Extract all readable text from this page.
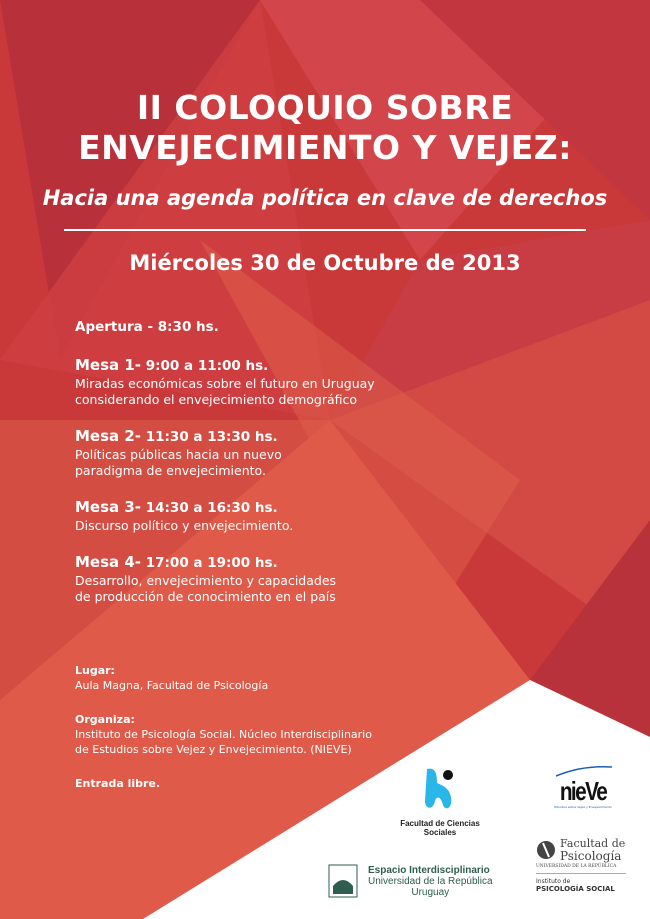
II COLOQUIO SOBRE
ENVEJECIMIENTO Y VEJEZ:
Hacia una agenda política en clave de derechos
Miércoles 30 de Octubre de 2013
Apertura - 8:30 hs.
Mesa 1- 9:00 a 11:00 hs.
Miradas económicas sobre el futuro en Uruguay
considerando el envejecimiento demográfico
Mesa 2- 11:30 a 13:30 hs.
Políticas públicas hacia un nuevo
paradigma de envejecimiento.
Mesa 3- 14:30 a 16:30 hs.
Discurso político y envejecimiento.
Mesa 4- 17:00 a 19:00 hs.
Desarrollo, envejecimiento y capacidades
de producción de conocimiento en el país
Lugar:
Aula Magna, Facultad de Psicología
Organiza:
Instituto de Psicología Social. Núcleo Interdisciplinario
de Estudios sobre Vejez y Envejecimiento. (NIEVE)
Entrada libre.
Facultad de Ciencias Sociales
nieVe
Estudios sobre Vejez y Envejecimiento
Facultad de
Psicología
UNIVERSIDAD DE LA REPÚBLICA
Instituto de
PSICOLOGÍA SOCIAL
Espacio Interdisciplinario
Universidad de la República
Uruguay
